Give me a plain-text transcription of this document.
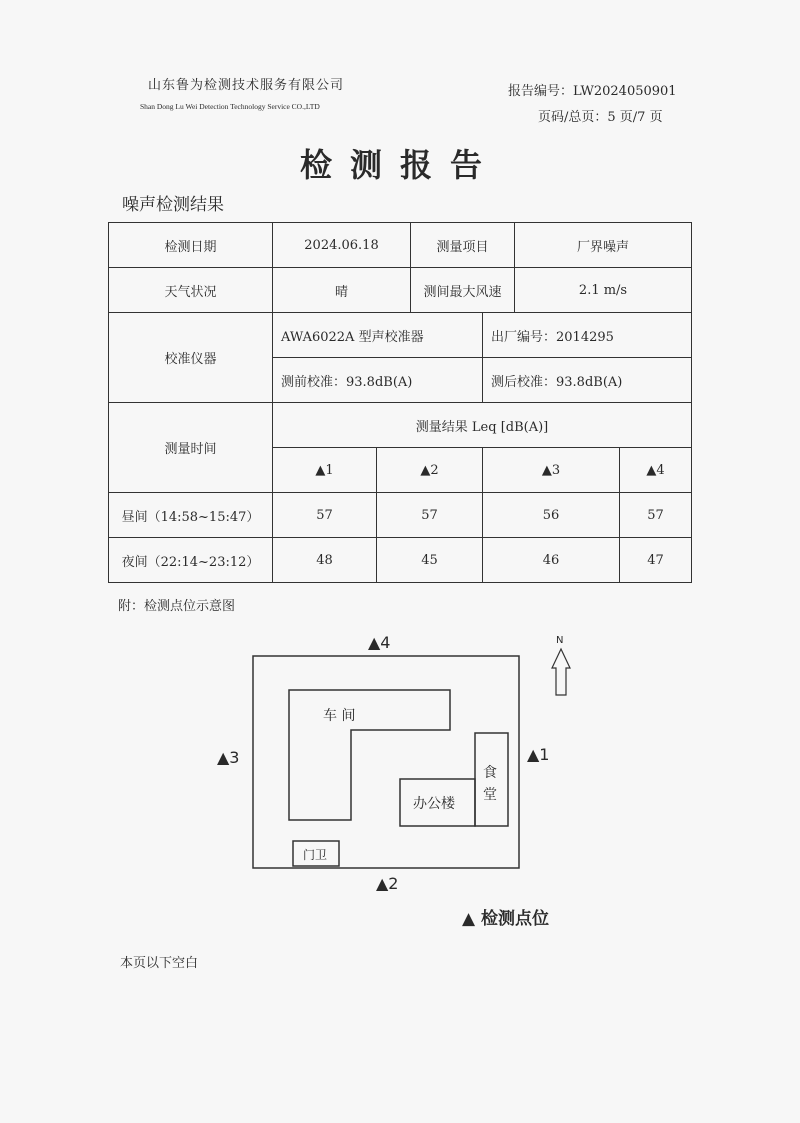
山东鲁为检测技术服务有限公司
Shan Dong Lu Wei Detection Technology Service CO.,LTD
报告编号：LW2024050901
页码/总页：5 页/7 页
检测报告
噪声检测结果
检测日期	2024.06.18		测量项目		厂界噪声	
天气状况	晴		测间最大风速		2.1 m/s	
校准仪器	AWA6022A 型声校准器			出厂编号：2014295		
	测前校准：93.8dB(A)			测后校准：93.8dB(A)		
测量时间	测量结果 Leq [dB(A)]					
	▲1	▲2		▲3		▲4
昼间（14:58~15:47）	57	57		56		57
夜间（22:14~23:12）	48	45		46		47
附：检测点位示意图
车 间
办公楼
食
堂
门卫
▲4
▲1
▲2
▲3
N
▲ 检测点位
本页以下空白
